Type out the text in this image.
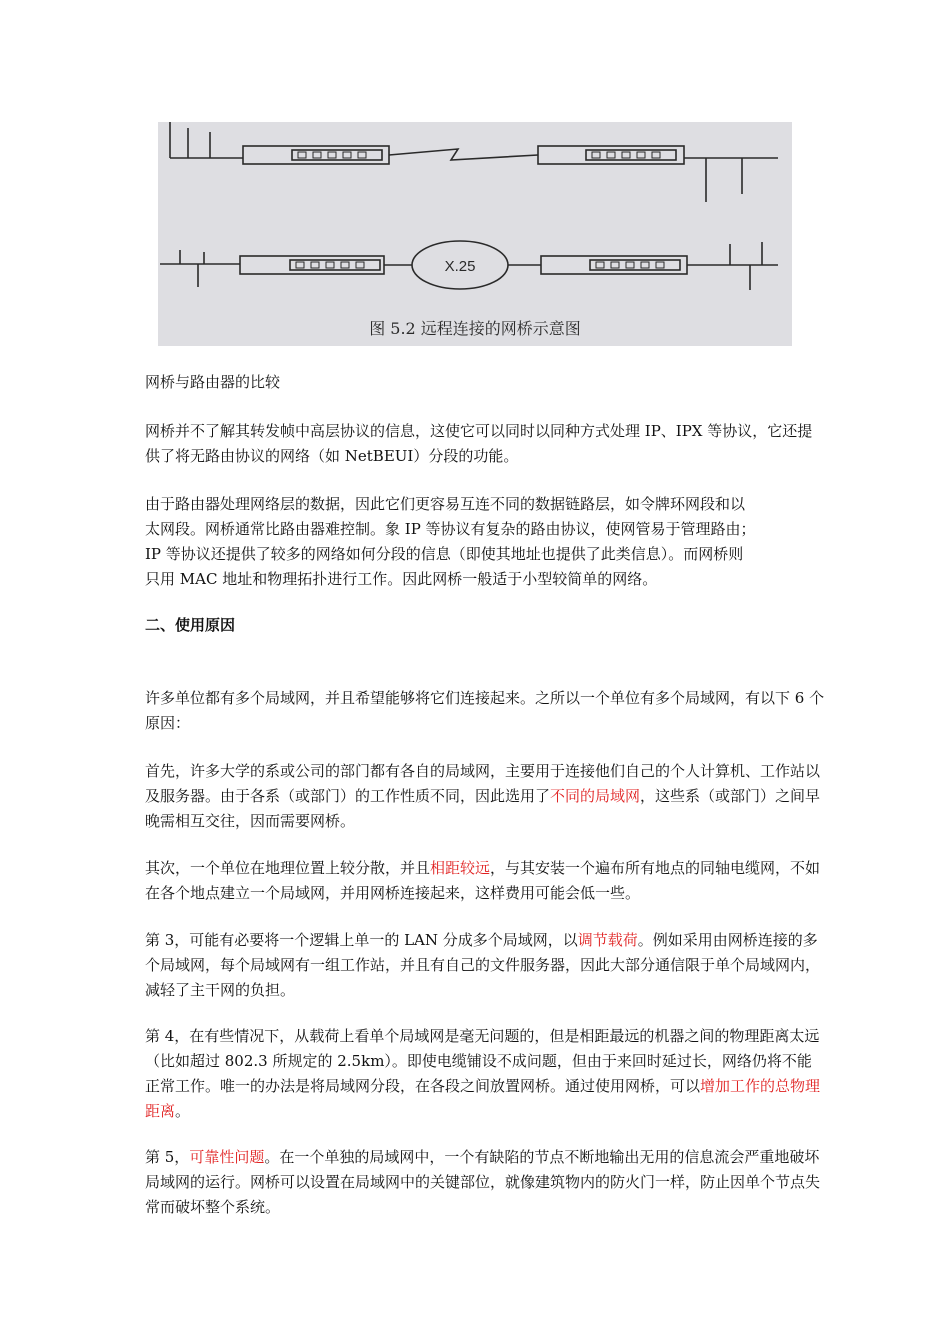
X.25
图 5.2 远程连接的网桥示意图
网桥与路由器的比较
网桥并不了解其转发帧中高层协议的信息，这使它可以同时以同种方式处理 IP、IPX 等协议，它还提供了将无路由协议的网络（如 NetBEUI）分段的功能。
由于路由器处理网络层的数据，因此它们更容易互连不同的数据链路层，如令牌环网段和以
太网段。网桥通常比路由器难控制。象 IP 等协议有复杂的路由协议，使网管易于管理路由；
IP 等协议还提供了较多的网络如何分段的信息（即使其地址也提供了此类信息）。而网桥则
只用 MAC 地址和物理拓扑进行工作。因此网桥一般适于小型较简单的网络。
二、使用原因
许多单位都有多个局域网，并且希望能够将它们连接起来。之所以一个单位有多个局域网，有以下 6 个原因：
首先，许多大学的系或公司的部门都有各自的局域网，主要用于连接他们自己的个人计算机、工作站以及服务器。由于各系（或部门）的工作性质不同，因此选用了不同的局域网，这些系（或部门）之间早晚需相互交往，因而需要网桥。
其次，一个单位在地理位置上较分散，并且相距较远，与其安装一个遍布所有地点的同轴电缆网，不如在各个地点建立一个局域网，并用网桥连接起来，这样费用可能会低一些。
第 3，可能有必要将一个逻辑上单一的 LAN 分成多个局域网，以调节载荷。例如采用由网桥连接的多个局域网，每个局域网有一组工作站，并且有自己的文件服务器，因此大部分通信限于单个局域网内，减轻了主干网的负担。
第 4，在有些情况下，从载荷上看单个局域网是毫无问题的，但是相距最远的机器之间的物理距离太远（比如超过 802.3 所规定的 2.5km）。即使电缆铺设不成问题，但由于来回时延过长，网络仍将不能正常工作。唯一的办法是将局域网分段，在各段之间放置网桥。通过使用网桥，可以增加工作的总物理距离。
第 5，可靠性问题。在一个单独的局域网中，一个有缺陷的节点不断地输出无用的信息流会严重地破坏局域网的运行。网桥可以设置在局域网中的关键部位，就像建筑物内的防火门一样，防止因单个节点失常而破坏整个系统。
